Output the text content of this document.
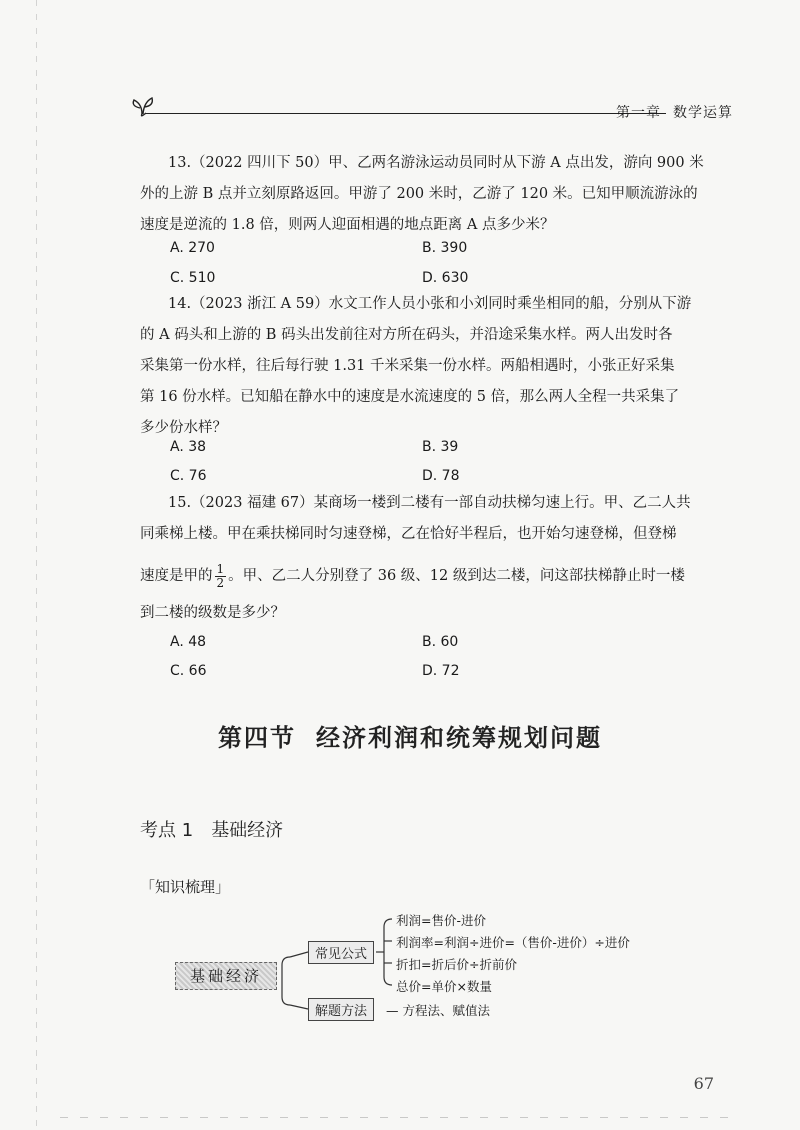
第一章 数学运算
13.（2022 四川下 50）甲、乙两名游泳运动员同时从下游 A 点出发，游向 900 米
外的上游 B 点并立刻原路返回。甲游了 200 米时，乙游了 120 米。已知甲顺流游泳的
速度是逆流的 1.8 倍，则两人迎面相遇的地点距离 A 点多少米？
A. 270	B. 390
C. 510	D. 630
14.（2023 浙江 A 59）水文工作人员小张和小刘同时乘坐相同的船，分别从下游
的 A 码头和上游的 B 码头出发前往对方所在码头，并沿途采集水样。两人出发时各
采集第一份水样，往后每行驶 1.31 千米采集一份水样。两船相遇时，小张正好采集
第 16 份水样。已知船在静水中的速度是水流速度的 5 倍，那么两人全程一共采集了
多少份水样？
A. 38	B. 39
C. 76	D. 78
15.（2023 福建 67）某商场一楼到二楼有一部自动扶梯匀速上行。甲、乙二人共
同乘梯上楼。甲在乘扶梯同时匀速登梯，乙在恰好半程后，也开始匀速登梯，但登梯
速度是甲的 $\frac{1}{2}$ 。甲、乙二人分别登了 36 级、12 级到达二楼，问这部扶梯静止时一楼
到二楼的级数是多少？
A. 48	B. 60
C. 66	D. 72
第四节 经济利润和统筹规划问题
考点 1 基础经济
「知识梳理」
基础经济
常见公式
利润=售价-进价
利润率=利润÷进价=（售价-进价）÷进价
折扣=折后价÷折前价
总价=单价×数量
解题方法	— 方程法、赋值法
67
